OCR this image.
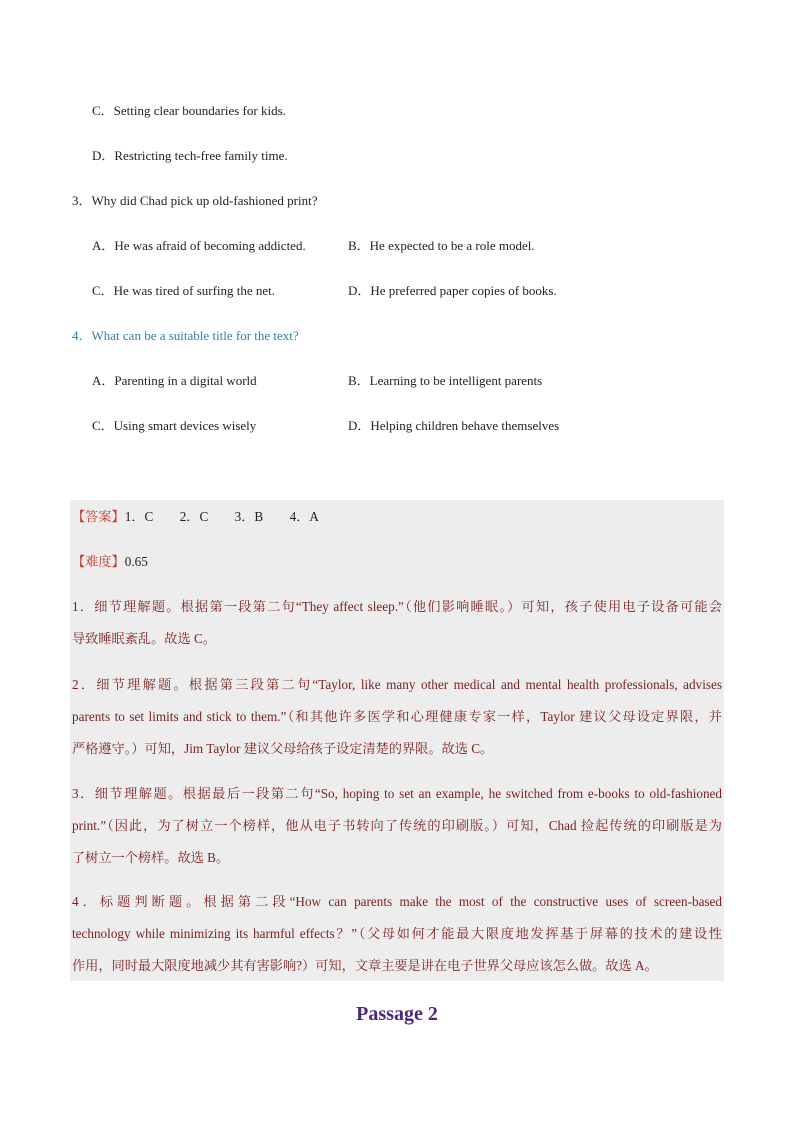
C．Setting clear boundaries for kids.
D．Restricting tech-free family time.
3．Why did Chad pick up old-fashioned print?
A．He was afraid of becoming addicted.	B．He expected to be a role model.
C．He was tired of surfing the net.	D．He preferred paper copies of books.
4．What can be a suitable title for the text?
A．Parenting in a digital world	B．Learning to be intelligent parents
C．Using smart devices wisely	D．Helping children behave themselves
【答案】1．C　　2．C　　3．B　　4．A
【难度】0.65
1．细节理解题。根据第一段第二句“They affect sleep.”（他们影响睡眠。）可知，孩子使用电子设备可能会
导致睡眠紊乱。故选 C。
2．细节理解题。根据第三段第二句“Taylor, like many other medical and mental health professionals, advises
parents to set limits and stick to them.”（和其他许多医学和心理健康专家一样，Taylor 建议父母设定界限，并
严格遵守。）可知，Jim Taylor 建议父母给孩子设定清楚的界限。故选 C。
3．细节理解题。根据最后一段第二句“So, hoping to set an example, he switched from e-books to old-fashioned
print.”（因此，为了树立一个榜样，他从电子书转向了传统的印刷版。）可知，Chad 捡起传统的印刷版是为
了树立一个榜样。故选 B。
4．标题判断题。根据第二段“How can parents make the most of the constructive uses of screen-based
technology while minimizing its harmful effects？”（父母如何才能最大限度地发挥基于屏幕的技术的建设性
作用，同时最大限度地减少其有害影响?）可知，文章主要是讲在电子世界父母应该怎么做。故选 A。
Passage 2
